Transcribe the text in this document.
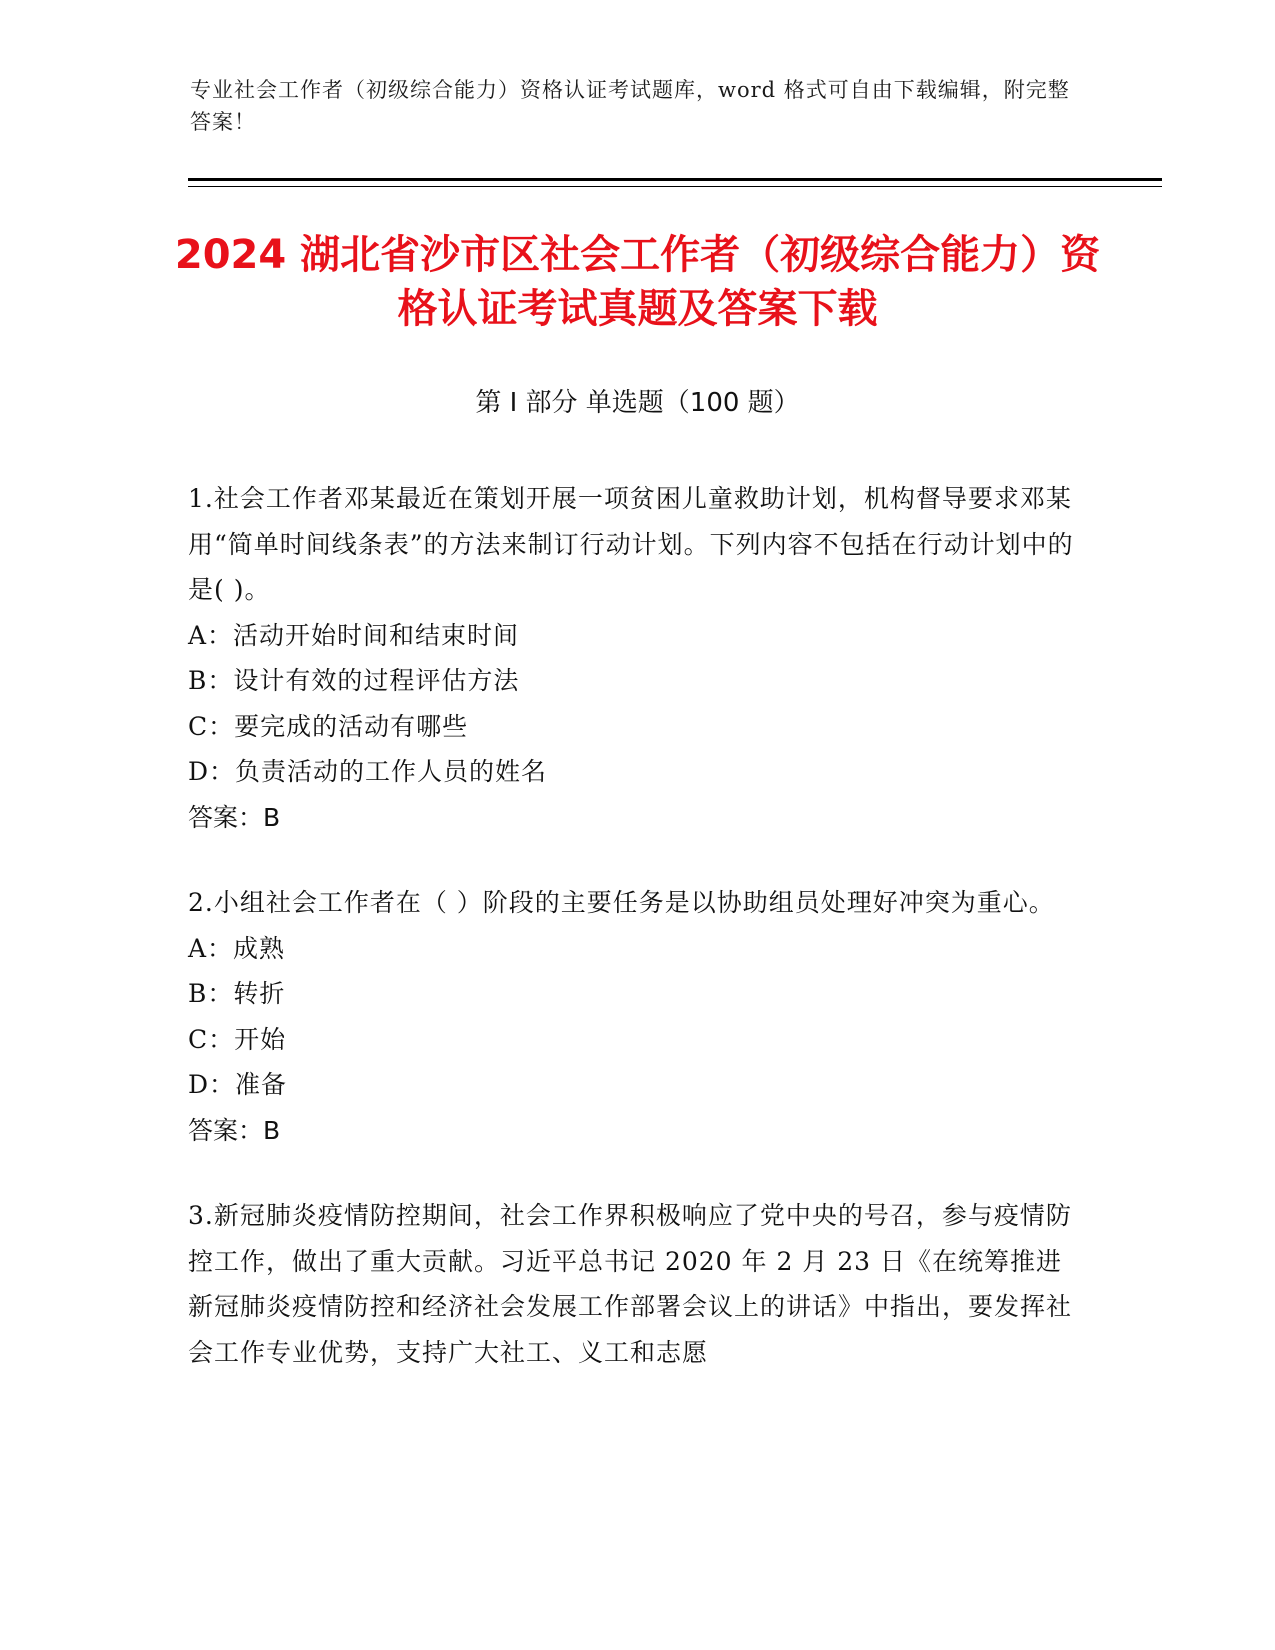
专业社会工作者（初级综合能力）资格认证考试题库，word 格式可自由下载编辑，附完整答案！
2024 湖北省沙市区社会工作者（初级综合能力）资格认证考试真题及答案下载
第 I 部分 单选题（100 题）
1.社会工作者邓某最近在策划开展一项贫困儿童救助计划，机构督导要求邓某用“简单时间线条表”的方法来制订行动计划。下列内容不包括在行动计划中的是( )。
A：活动开始时间和结束时间
B：设计有效的过程评估方法
C：要完成的活动有哪些
D：负责活动的工作人员的姓名
答案：B
2.小组社会工作者在（ ）阶段的主要任务是以协助组员处理好冲突为重心。
A：成熟
B：转折
C：开始
D：准备
答案：B
3.新冠肺炎疫情防控期间，社会工作界积极响应了党中央的号召，参与疫情防控工作，做出了重大贡献。习近平总书记 2020 年 2 月 23 日《在统筹推进新冠肺炎疫情防控和经济社会发展工作部署会议上的讲话》中指出，要发挥社会工作专业优势，支持广大社工、义工和志愿
